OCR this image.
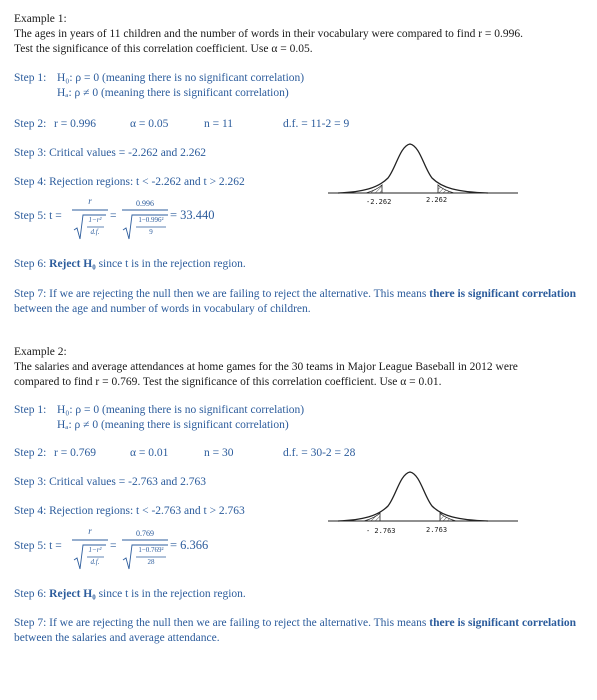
Example 1:
The ages in years of 11 children and the number of words in their vocabulary were compared to find r = 0.996.
Test the significance of this correlation coefficient. Use α = 0.05.
Step 1: H₀: ρ = 0 (meaning there is no significant correlation)
Hₐ: ρ ≠ 0 (meaning there is significant correlation)
Step 2: r = 0.996	α = 0.05	n = 11	d.f. = 11-2 = 9
Step 3: Critical values = -2.262 and 2.262
Step 4: Rejection regions: t < -2.262 and t > 2.262
Step 5: t =
r
1−r²
d.f.
=
0.996
1−0.996²
9
= 33.440
-2.262	2.262
Step 6: Reject H₀ since t is in the rejection region.
Step 7: If we are rejecting the null then we are failing to reject the alternative. This means there is significant correlation between the age and number of words in vocabulary of children.
Example 2:
The salaries and average attendances at home games for the 30 teams in Major League Baseball in 2012 were
compared to find r = 0.769. Test the significance of this correlation coefficient. Use α = 0.01.
Step 1: H₀: ρ = 0 (meaning there is no significant correlation)
Hₐ: ρ ≠ 0 (meaning there is significant correlation)
Step 2: r = 0.769	α = 0.01	n = 30	d.f. = 30-2 = 28
Step 3: Critical values = -2.763 and 2.763
Step 4: Rejection regions: t < -2.763 and t > 2.763
Step 5: t =
r
1−r²
d.f.
=
0.769
1−0.769²
28
= 6.366
- 2.763	2.763
Step 6: Reject H₀ since t is in the rejection region.
Step 7: If we are rejecting the null then we are failing to reject the alternative. This means there is significant correlation between the salaries and average attendance.
